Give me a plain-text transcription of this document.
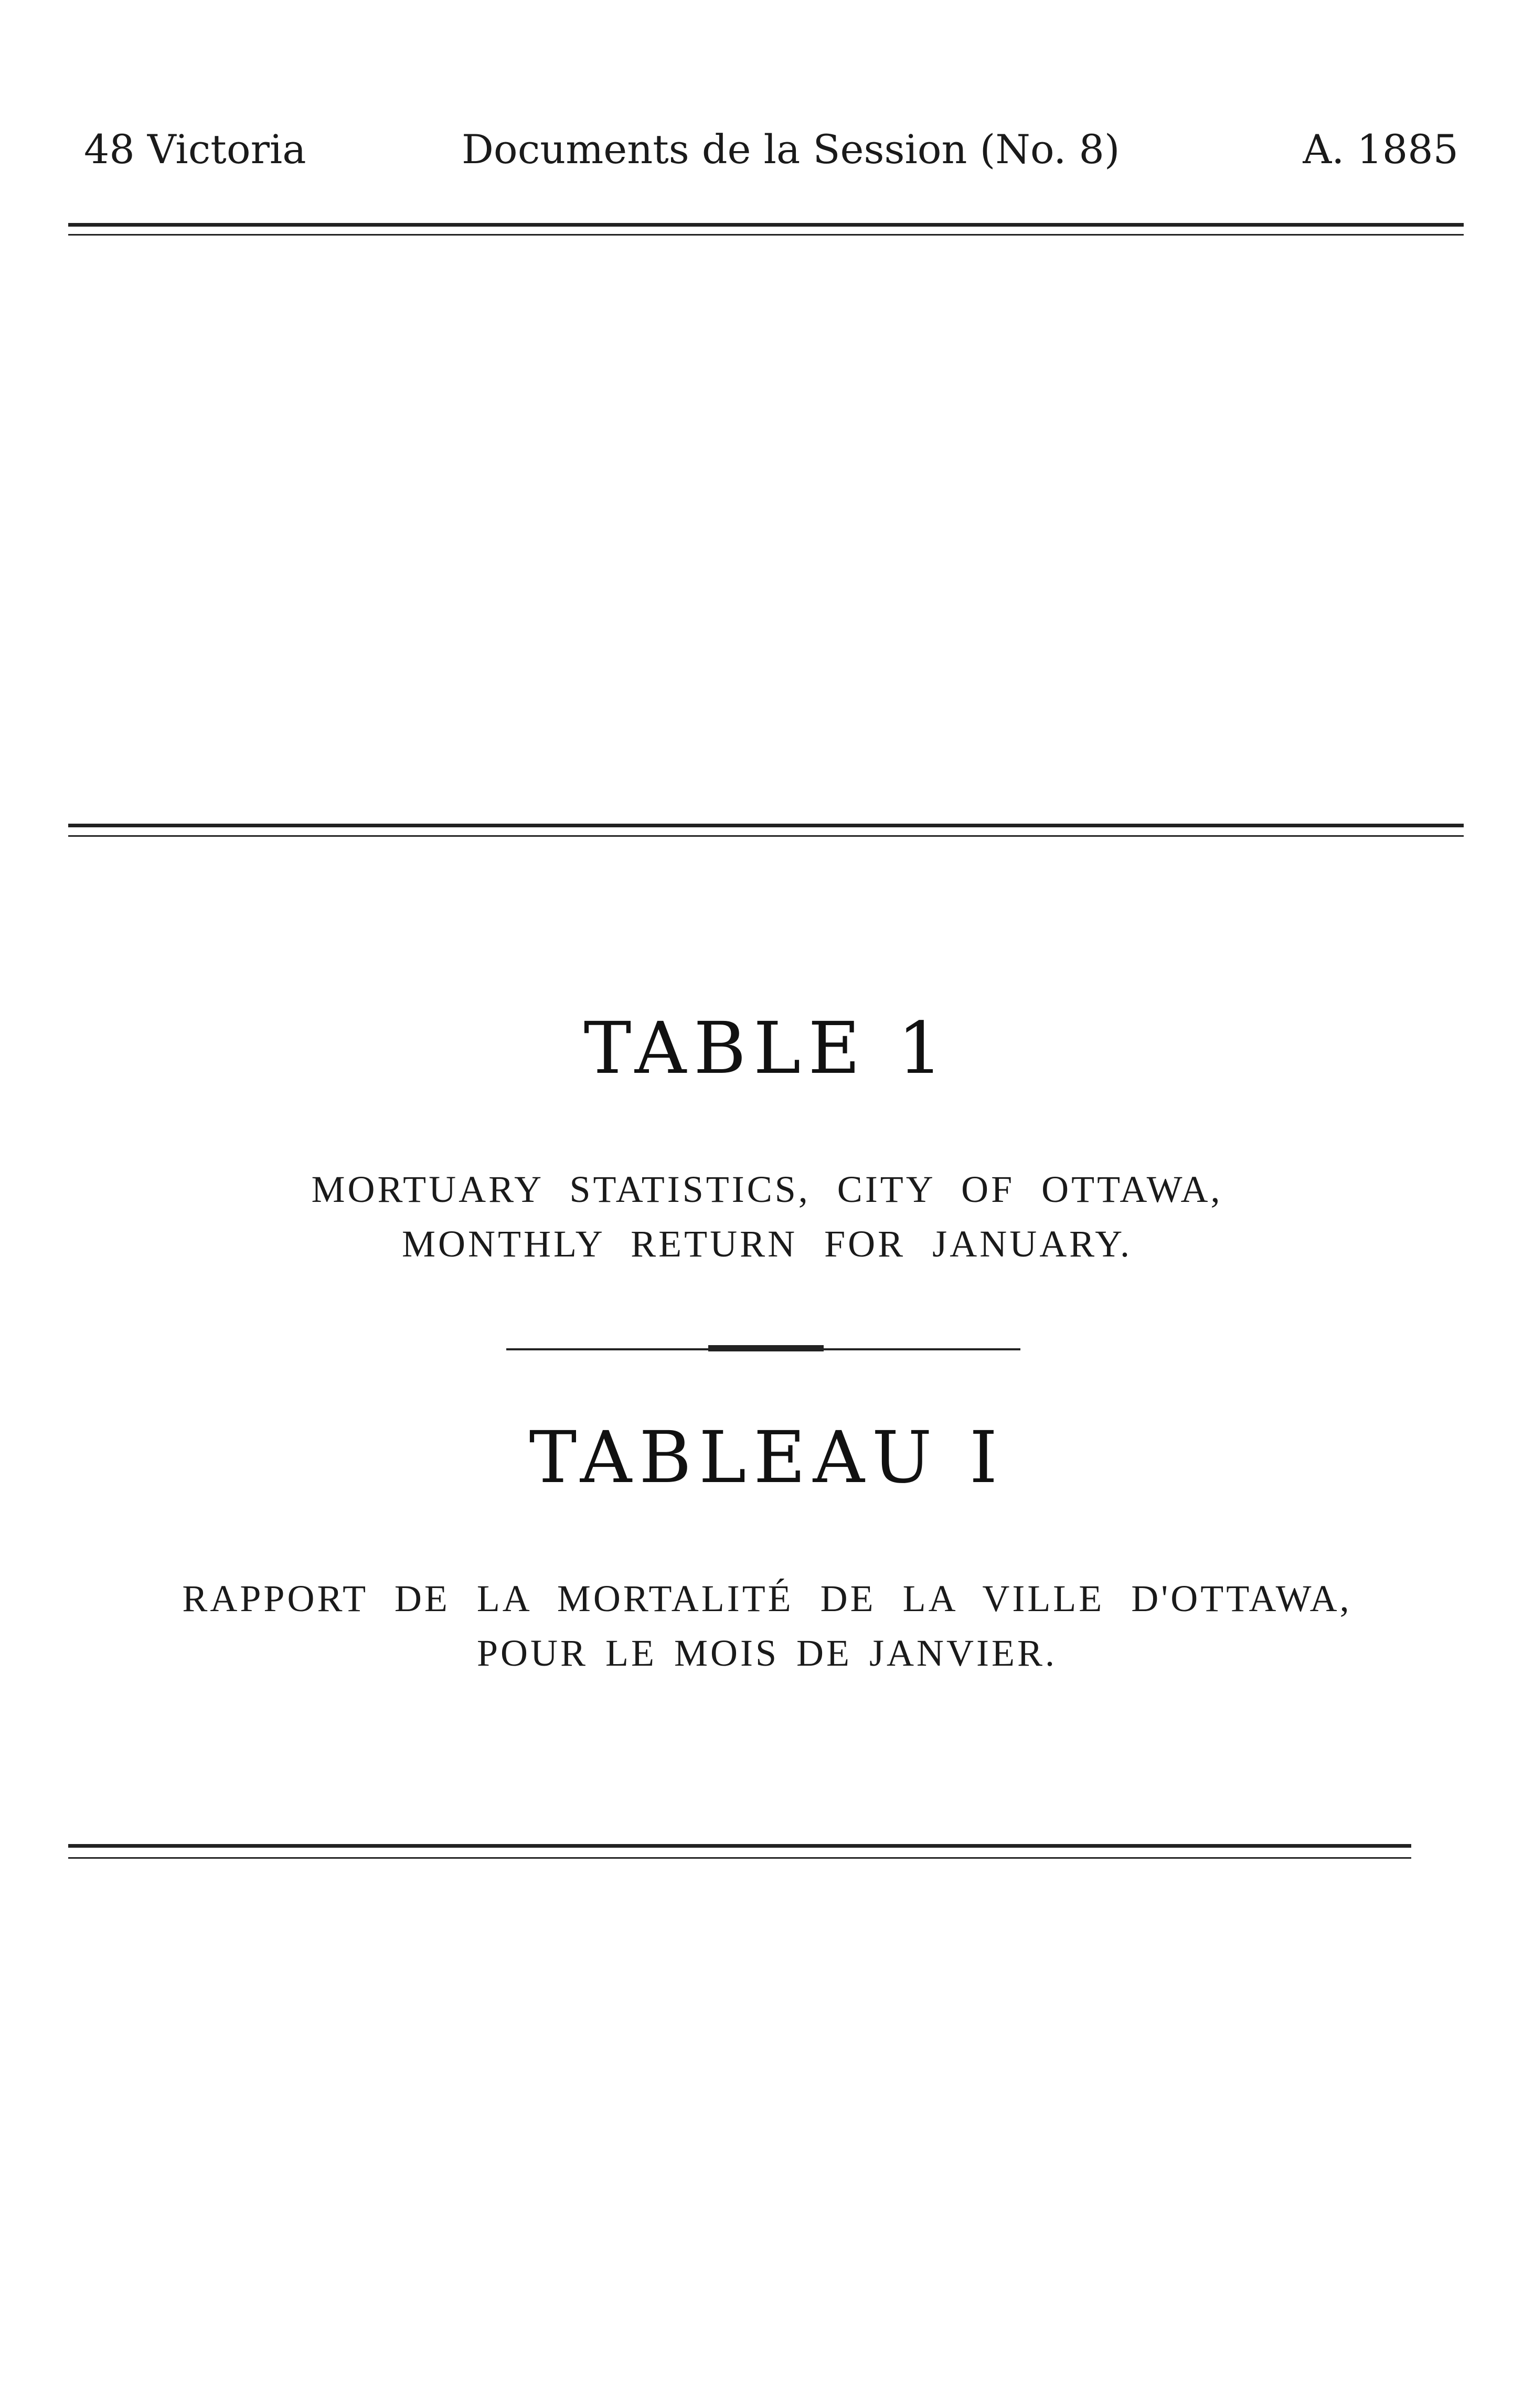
48 Victoria	Documents de la Session (No. 8)	A. 1885
TABLE 1
MORTUARY STATISTICS, CITY OF OTTAWA,
MONTHLY RETURN FOR JANUARY.
TABLEAU I
RAPPORT DE LA MORTALITÉ DE LA VILLE D'OTTAWA,
POUR LE MOIS DE JANVIER.
